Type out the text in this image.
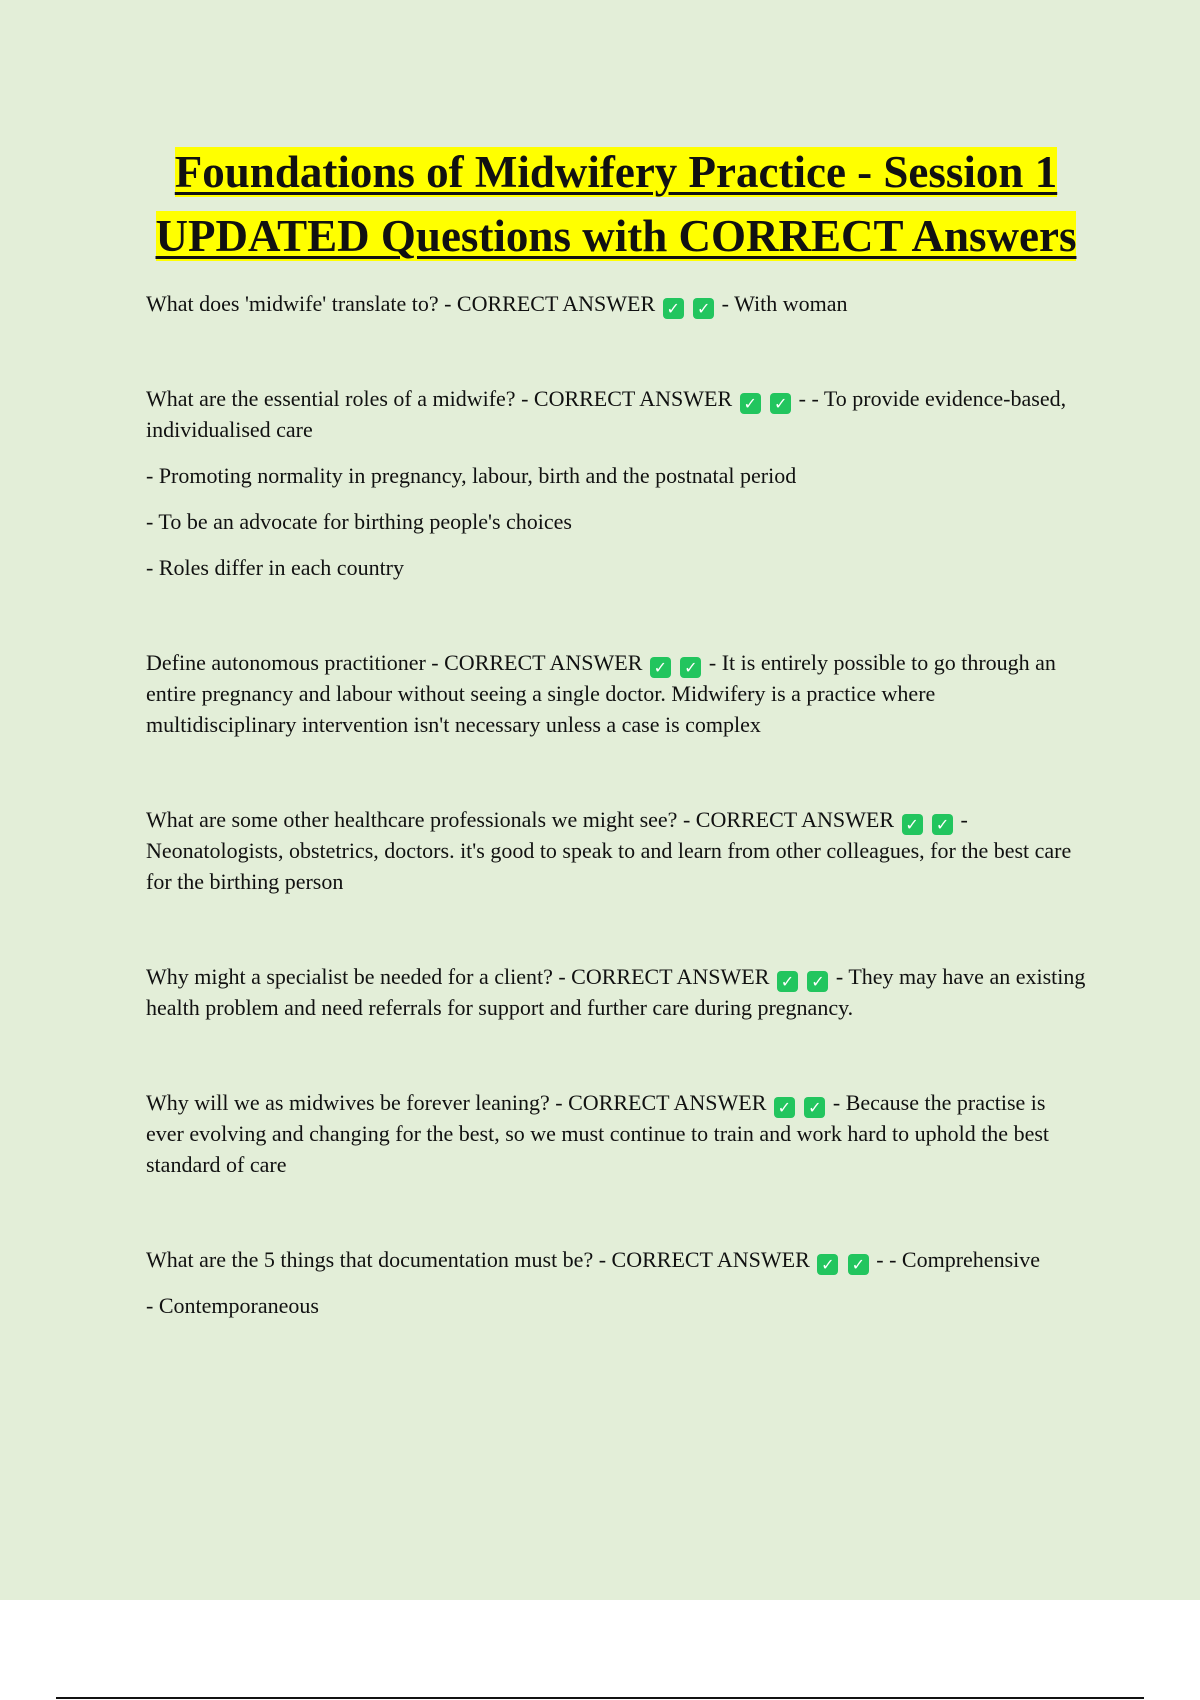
Foundations of Midwifery Practice - Session 1 UPDATED Questions with CORRECT Answers

What does 'midwife' translate to? - CORRECT ANSWER ✓ ✓ - With woman

What are the essential roles of a midwife? - CORRECT ANSWER ✓ ✓ - - To provide evidence-based, individualised care

- Promoting normality in pregnancy, labour, birth and the postnatal period

- To be an advocate for birthing people's choices

- Roles differ in each country

Define autonomous practitioner - CORRECT ANSWER ✓ ✓ - It is entirely possible to go through an entire pregnancy and labour without seeing a single doctor. Midwifery is a practice where multidisciplinary intervention isn't necessary unless a case is complex

What are some other healthcare professionals we might see? - CORRECT ANSWER ✓ ✓ - Neonatologists, obstetrics, doctors. it's good to speak to and learn from other colleagues, for the best care for the birthing person

Why might a specialist be needed for a client? - CORRECT ANSWER ✓ ✓ - They may have an existing health problem and need referrals for support and further care during pregnancy.

Why will we as midwives be forever leaning? - CORRECT ANSWER ✓ ✓ - Because the practise is ever evolving and changing for the best, so we must continue to train and work hard to uphold the best standard of care

What are the 5 things that documentation must be? - CORRECT ANSWER ✓ ✓ - - Comprehensive

- Contemporaneous
